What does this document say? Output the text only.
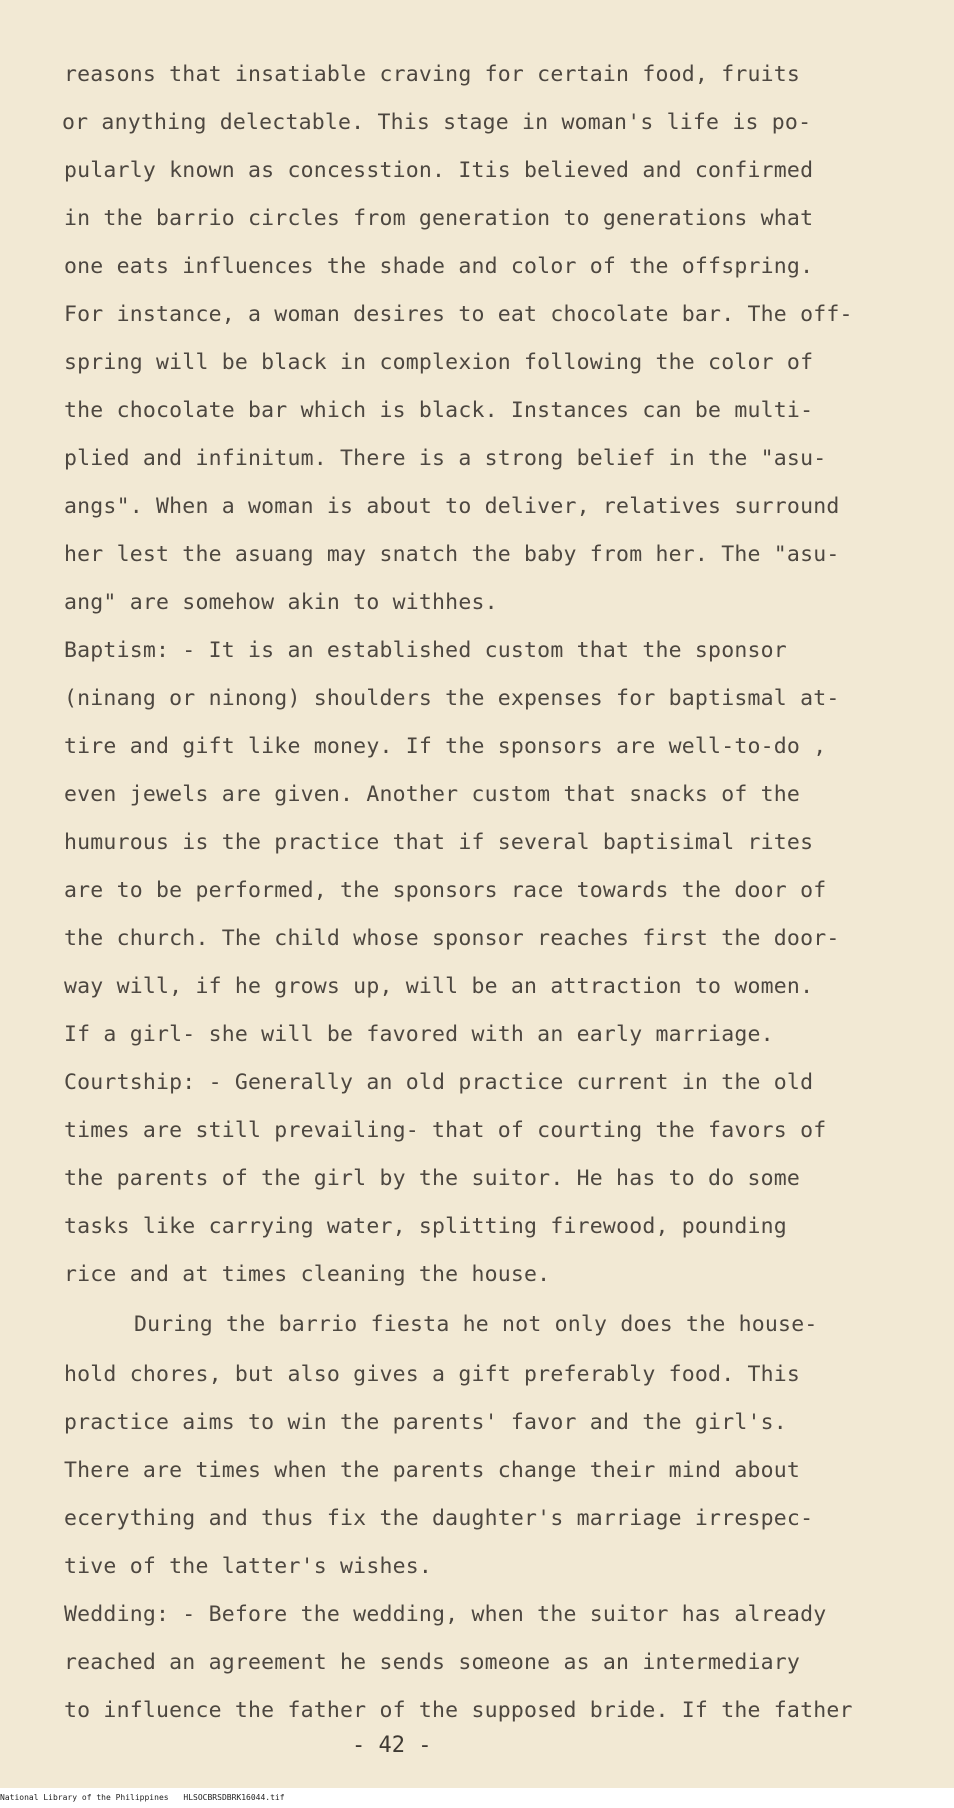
reasons that insatiable craving for certain food, fruits
or anything delectable. This stage in woman's life is po-
pularly known as concesstion. Itis believed and confirmed
in the barrio circles from generation to generations what
one eats influences the shade and color of the offspring.
For instance, a woman desires to eat chocolate bar. The off-
spring will be black in complexion following the color of
the chocolate bar which is black. Instances can be multi-
plied and infinitum. There is a strong belief in the "asu-
angs". When a woman is about to deliver, relatives surround
her lest the asuang may snatch the baby from her. The "asu-
ang" are somehow akin to withhes.
Baptism: - It is an established custom that the sponsor
(ninang or ninong) shoulders the expenses for baptismal at-
tire and gift like money. If the sponsors are well-to-do ,
even jewels are given. Another custom that snacks of the
humurous is the practice that if several baptisimal rites
are to be performed, the sponsors race towards the door of
the church. The child whose sponsor reaches first the door-
way will, if he grows up, will be an attraction to women.
If a girl- she will be favored with an early marriage.
Courtship: - Generally an old practice current in the old
times are still prevailing- that of courting the favors of
the parents of the girl by the suitor. He has to do some
tasks like carrying water, splitting firewood, pounding
rice and at times cleaning the house.
During the barrio fiesta he not only does the house-
hold chores, but also gives a gift preferably food. This
practice aims to win the parents' favor and the girl's.
There are times when the parents change their mind about
ecerything and thus fix the daughter's marriage irrespec-
tive of the latter's wishes.
Wedding: - Before the wedding, when the suitor has already
reached an agreement he sends someone as an intermediary
to influence the father of the supposed bride. If the father
- 42 -
National Library of the Philippines HLSOCBRSDBRK16044.tif
